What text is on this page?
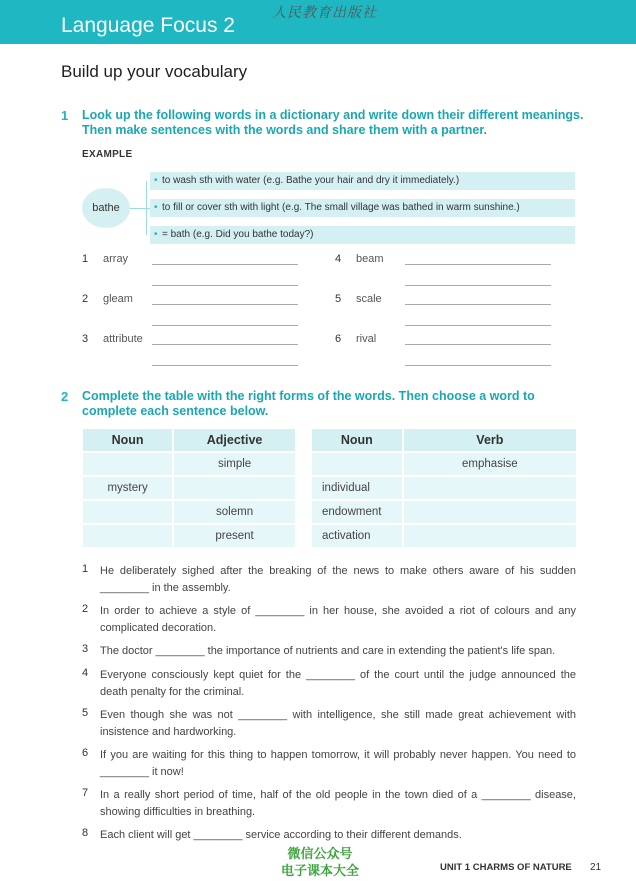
Language Focus 2
人民教育出版社
Build up your vocabulary
1 Look up the following words in a dictionary and write down their different meanings.
Then make sentences with the words and share them with a partner.
EXAMPLE
bathe
• to wash sth with water (e.g. Bathe your hair and dry it immediately.)
• to fill or cover sth with light (e.g. The small village was bathed in warm sunshine.)
• = bath (e.g. Did you bathe today?)
1 array
2 gleam
3 attribute
4 beam
5 scale
6 rival
2 Complete the table with the right forms of the words. Then choose a word to
complete each sentence below.
Noun	Adjective
	simple
mystery	
	solemn
	present
Noun	Verb
	emphasise
individual	
endowment	
activation	
1 He deliberately sighed after the breaking of the news to make others aware of his sudden ________ in the assembly.
2 In order to achieve a style of ________ in her house, she avoided a riot of colours and any complicated decoration.
3 The doctor ________ the importance of nutrients and care in extending the patient's life span.
4 Everyone consciously kept quiet for the ________ of the court until the judge announced the death penalty for the criminal.
5 Even though she was not ________ with intelligence, she still made great achievement with insistence and hardworking.
6 If you are waiting for this thing to happen tomorrow, it will probably never happen. You need to ________ it now!
7 In a really short period of time, half of the old people in the town died of a ________ disease, showing difficulties in breathing.
8 Each client will get ________ service according to their different demands.
微信公众号
电子课本大全	UNIT 1 CHARMS OF NATURE 21
